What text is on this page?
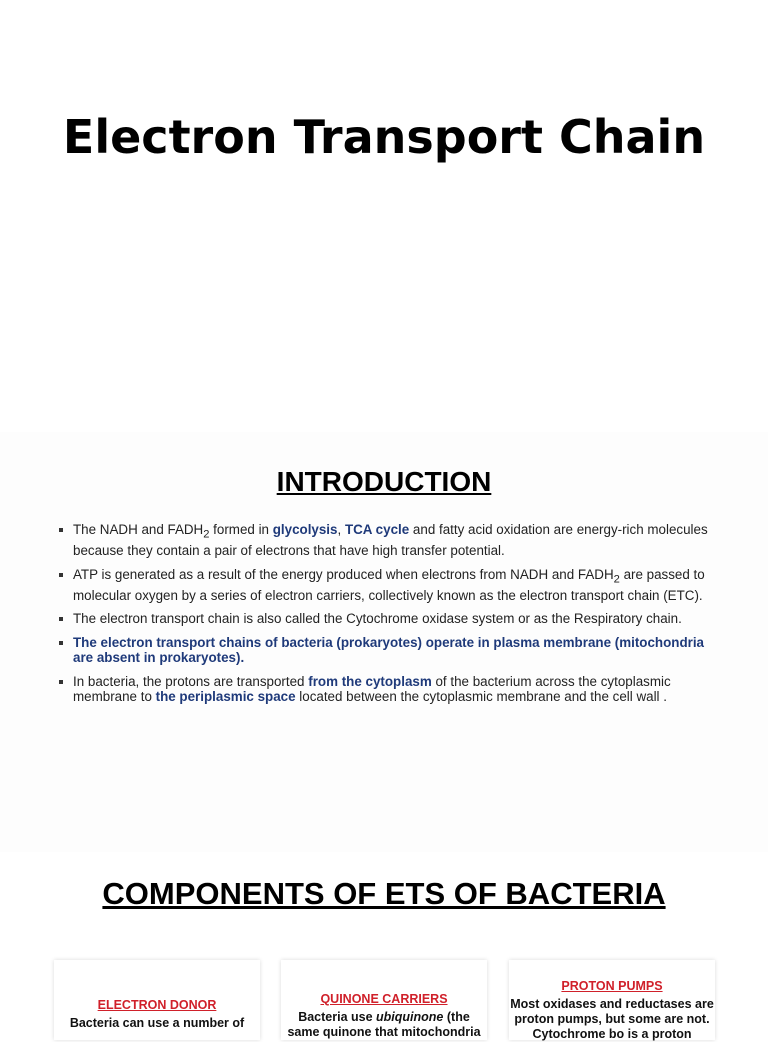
Electron Transport Chain
INTRODUCTION
The NADH and $FADH_2$ formed in glycolysis, TCA cycle and fatty acid oxidation are energy-rich molecules because they contain a pair of electrons that have high transfer potential.
ATP is generated as a result of the energy produced when electrons from NADH and $FADH_2$ are passed to molecular oxygen by a series of electron carriers, collectively known as the electron transport chain (ETC).
The electron transport chain is also called the Cytochrome oxidase system or as the Respiratory chain.
The electron transport chains of bacteria (prokaryotes) operate in plasma membrane (mitochondria are absent in prokaryotes).
In bacteria, the protons are transported from the cytoplasm of the bacterium across the cytoplasmic membrane to the periplasmic space located between the cytoplasmic membrane and the cell wall .
COMPONENTS OF ETS OF BACTERIA
ELECTRON DONOR
Bacteria can use a number of
QUINONE CARRIERS
Bacteria use ubiquinone (the same quinone that mitochondria
PROTON PUMPS
Most oxidases and reductases are proton pumps, but some are not. Cytochrome bo is a proton
